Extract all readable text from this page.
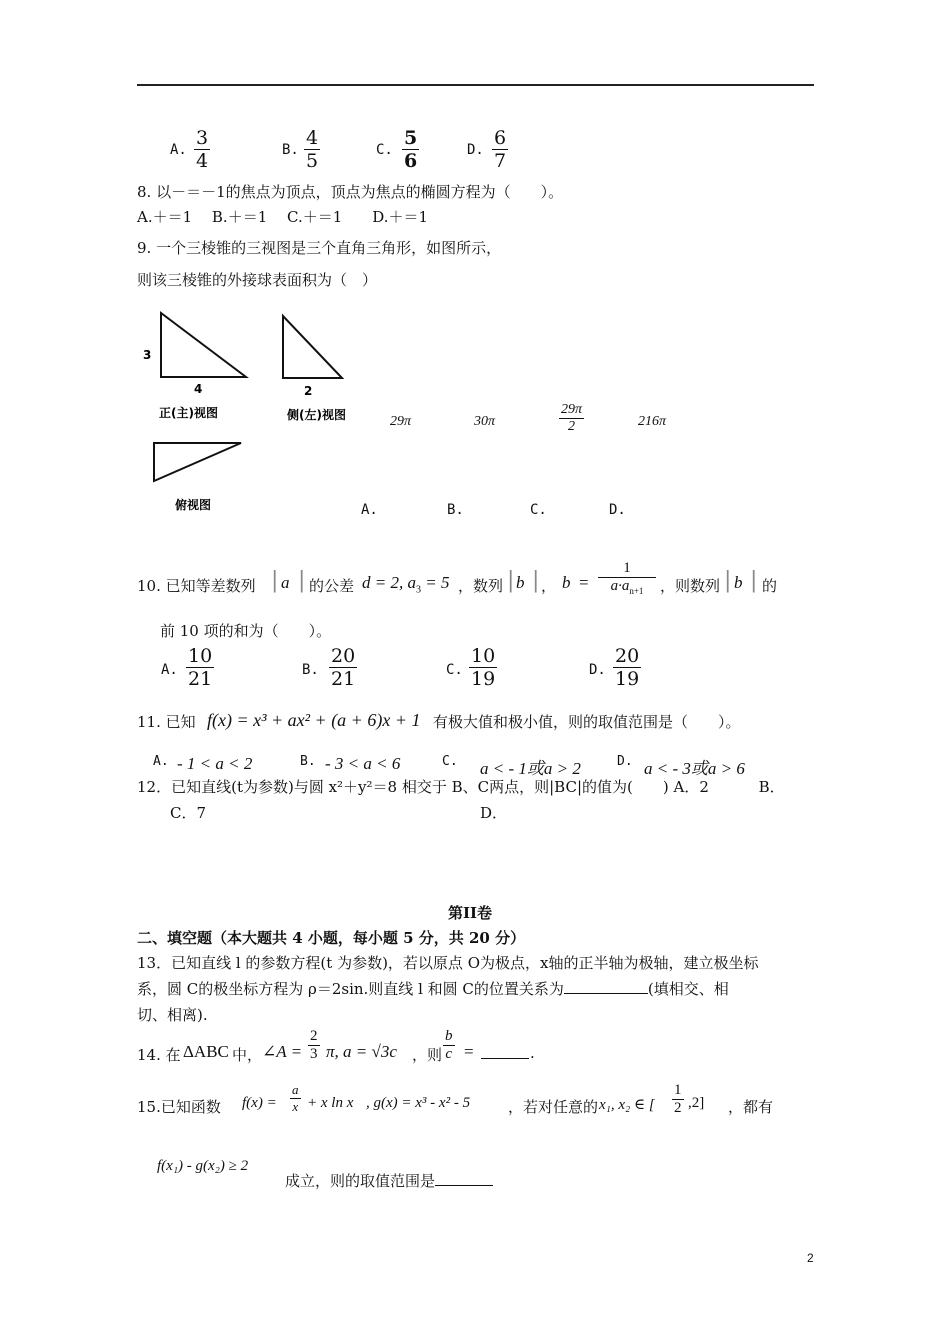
A. $\frac{3}{4}$	B. $\frac{4}{5}$	C. $\frac{5}{6}$	D. $\frac{6}{7}$
8. 以－＝－1的焦点为顶点，顶点为焦点的椭圆方程为（　　）。
A.＋＝1　 B.＋＝1　 C.＋＝1　　D.＋＝1
9. 一个三棱锥的三视图是三个直角三角形，如图所示，
则该三棱锥的外接球表面积为（　）
3
4
正(主)视图
2
侧(左)视图
俯视图
29π	30π	$\frac{29\pi}{2}$	216π
A.	B.	C.	D.
10. 已知等差数列 | a | 的公差 d = 2, $a_3 = 5$ ，数列 | b | ， $b = \frac{1}{a\cdot a_{n+1}}$ ，则数列 | b | 的
前 10 项的和为（　　）。
A. $\frac{10}{21}$	B. $\frac{20}{21}$	C. $\frac{10}{19}$	D. $\frac{20}{19}$
11. 已知 f(x) = x³ + ax² + (a + 6)x + 1 有极大值和极小值，则的取值范围是（　　）。
A. - 1 < a < 2	B. - 3 < a < 6	C. a < - 1或a > 2	D. a < - 3或a > 6
12．已知直线(t为参数)与圆 x²＋y²＝8 相交于 B、C两点，则|BC|的值为(　　) A．2　　　 B．
C．7	D．
第II卷
二、填空题（本大题共 4 小题，每小题 5 分，共 20 分）
13．已知直线 l 的参数方程(t 为参数)，若以原点 O为极点，x轴的正半轴为极轴，建立极坐标
系，圆 C的极坐标方程为 ρ＝2sin.则直线 l 和圆 C的位置关系为	(填相交、相
切、相离).
14. 在 ΔABC 中， ∠A = $\frac{2}{3} \pi$, a = √3c ，则 $\frac{b}{c}$ =	.
15.已知函数 $f(x) = \frac{a}{x} + x$ ln x , g(x) = x³ - x² - 5	，若对任意的 x₁, x₂ ∈ [ $\frac{1}{2} ,2$] ，都有
f(x₁) - g(x₂) ≥ 2
成立，则的取值范围是
2
